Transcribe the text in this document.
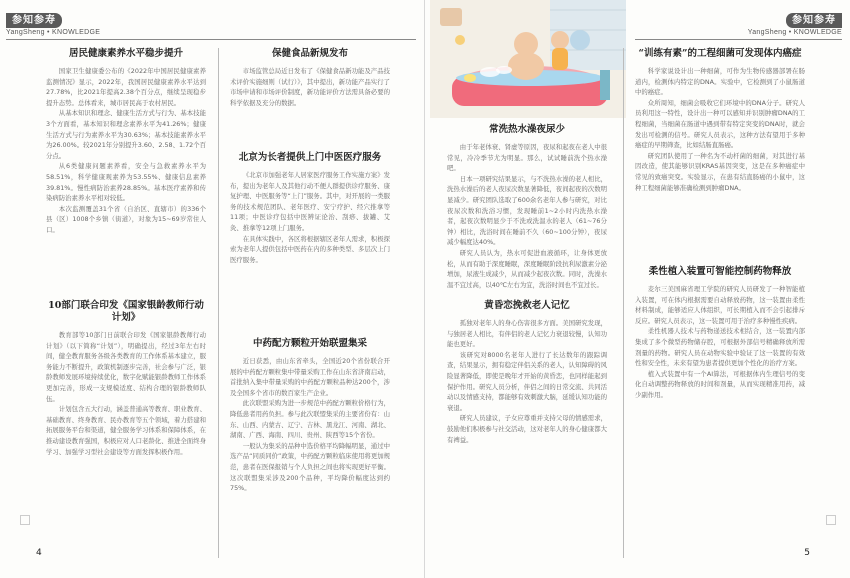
参知参寿
YangSheng • KNOWLEDGE
居民健康素养水平稳步提升

国家卫生健康委公布的《2022年中国居民健康素养监测情况》显示，2022年，我国居民健康素养水平达到27.78%，比2021年提高2.38个百分点，继续呈现稳步提升态势。总体看来，城市居民高于农村居民。

从基本知识和理念、健康生活方式与行为、基本技能3个方面看，基本知识和理念素养水平为41.26%；健康生活方式与行为素养水平为30.63%；基本技能素养水平为26.00%。较2021年分别提升3.60、2.58、1.72个百分点。

从6类健康问题素养看，安全与急救素养水平为58.51%，科学健康观素养为53.55%、健康信息素养39.81%。慢性病防治素养28.85%。基本医疗素养和传染病防治素养水平相对较低。

本次监测覆盖31个省（自治区、直辖市）的336个县（区）1008个乡镇（街道），对象为15~69岁常住人口。

10部门联合印发《国家银龄教师行动计划》

教育部等10部门日前联合印发《国家银龄教师行动计划》（以下简称“计划”），明确提出，经过3年左右时间，健全教育服务各级各类教育的工作体系基本建立，服务能力不断提升，政策机制逐步完善，社会参与广泛，银龄教师发展环境持续优化，数字化赋能银龄教师工作体系更加完善，形成一支规模适度、结构合理的银龄教师队伍。

计划包含五大行动，涵盖普通高等教育、职业教育、基础教育、终身教育、民办教育等五个领域，着力搭建和拓展服务平台和渠道，健全服务学习体系和保障体系，在推动建设教育强国，积极应对人口老龄化、推进全面终身学习、加强学习型社会建设等方面发挥积极作用。

保健食品新规发布

市场监管总局近日发布了《保健食品新功能及产品技术评价实施细则（试行）》，其中提出，新功能产品实行了市场申请和市场评价制度，新功能评价方法需具备必要的科学依据及充分的数据。

北京为长者提供上门中医医疗服务

《北京市加强老年人居家医疗服务工作实施方案》发布，提出为老年人及其他行动不便人群提供诊疗服务、康复护理、中医服务等“上门”服务。其中，对开展的一类服务的技术规范团队、老年医疗、安宁疗护、经穴推拿等11项；中医诊疗包括中医辨证论治、刮痧、拔罐、艾灸、推拿等12项上门服务。

在具体实践中，各区将根据辖区老年人需求，积极探索为老年人提供包括中医药在内的多种类型、多层次上门医疗服务。

中药配方颗粒开始联盟集采

近日获悉，由山东省牵头，全国近20个省份联合开展的中药配方颗粒集中带量采购工作在山东省济南启动，首批纳入集中带量采购的中药配方颗粒品种达200个，涉及全国多个省市的数百家生产企业。

此次联盟采购为进一步规范中药配方颗粒价格行为，降低患者用药负担。参与此次联盟集采的主要省份有：山东、山西、内蒙古、辽宁、吉林、黑龙江、河南、湖北、湖南、广西、海南、四川、贵州、陕西等15个省份。

一般认为集采的品种中选价格平均降幅明显，通过中选产品“同质同价”政策，中药配方颗粒临床使用将更加规范，患者在医保报销与个人负担之间也将实现更好平衡。这次联盟集采涉及200个品种，平均降价幅度达到约75%。

4
参知参寿
YangSheng • KNOWLEDGE
常洗热水澡夜尿少

由于年老体衰、肾虚等原因，夜尿和起夜在老人中很常见，冷冷季节尤为明显。那么，试试睡前洗个热水澡吧。

日本一项研究结果显示，与不洗热水澡的老人相比，洗热水澡后的老人夜尿次数显著降低，夜间起夜的次数明显减少。研究团队选取了600余名老年人参与研究，对比夜尿次数和洗浴习惯，发现睡前1~2小时内洗热水澡者，起夜次数明显少于不洗或洗温水的老人（61~76分钟）相比，洗浴时间在睡前不久（60~100分钟），夜尿减少幅度达40%。

研究人员认为，热水可促进血液循环，让身体更放松，从而有助于深度睡眠，深度睡眠阶段抗利尿激素分泌增加，尿液生成减少，从而减少起夜次数。同时，洗澡水温不宜过高，以40℃左右为宜，洗浴时间也不宜过长。

黄昏恋挽救老人记忆

孤独对老年人的身心伤害很多方面。美国研究发现，与独居老人相比，有伴侣的老人记忆力衰退较慢，认知功能也更好。

该研究对8000名老年人进行了长达数年的跟踪调查，结果显示，拥有稳定伴侣关系的老人，认知障碍的风险显著降低，即使是晚年才开始的黄昏恋，也同样能起到保护作用。研究人员分析，伴侣之间的日常交流、共同活动以及情感支持，都能够有效刺激大脑，延缓认知功能的衰退。

研究人员建议，子女应尊重并支持父母的情感需求，鼓励他们积极参与社交活动，这对老年人的身心健康都大有裨益。

“训练有素”的工程细菌可发现体内癌症

科学家说设计出一种细菌，可作为生物传感器部署在肠道内，检测体内特定的DNA。实验中，它检测到了小鼠肠道中的癌症。

众所周知，细菌会吸收它们环境中的DNA分子。研究人员利用这一特性，设计出一种可以感知并识别肿瘤DNA的工程细菌，当细菌在肠道中遇到带有特定突变的DNA时，就会发出可检测的信号。研究人员表示，这种方法有望用于多种癌症的早期筛查，比如结肠直肠癌。

研究团队使用了一种名为不动杆菌的细菌，对其进行基因改造，使其能够识别KRAS基因突变，这是在多种癌症中常见的致癌突变。实验显示，在患有结直肠癌的小鼠中，这种工程细菌能够准确检测到肿瘤DNA。

柔性植入装置可智能控制药物释放

麦尔三美国麻省理工学院的研究人员研发了一种智能植入装置，可在体内根据需要自动释放药物，这一装置由柔性材料制成，能够适应人体组织，可长期植入而不会引起排斥反应。研究人员表示，这一装置可用于治疗多种慢性疾病。

柔性机器人技术与药物递送技术相结合，这一装置内部集成了多个微型药物储存腔，可根据外部信号精确释放所需剂量的药物。研究人员在动物实验中验证了这一装置的有效性和安全性，未来有望为患者提供更加个性化的治疗方案。

植入式装置中有一个AI算法，可根据体内生理信号的变化自动调整药物释放的时间和剂量，从而实现精准用药，减少副作用。

5
